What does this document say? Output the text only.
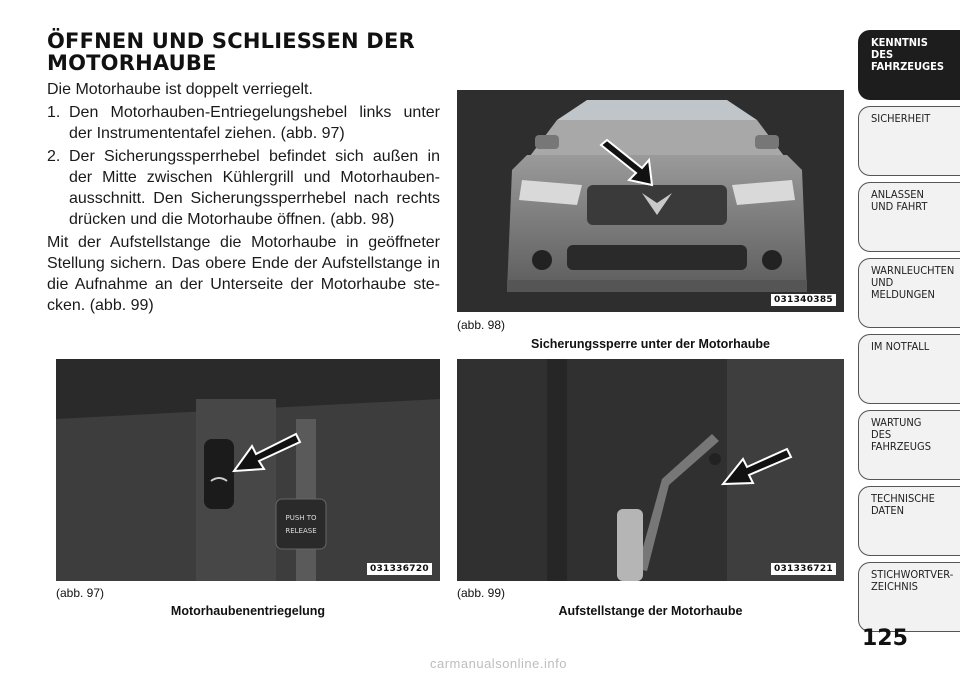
ÖFFNEN UND SCHLIESSEN DER MOTORHAUBE
Die Motorhaube ist doppelt verriegelt.
1. Den Motorhauben-Entriegelungshebel links unter der Instrumententafel ziehen. (abb. 97)
2. Der Sicherungssperrhebel befindet sich außen in der Mitte zwischen Kühlergrill und Motorhauben-ausschnitt. Den Sicherungssperrhebel nach rechts drücken und die Motorhaube öffnen. (abb. 98)
Mit der Aufstellstange die Motorhaube in geöffneter Stellung sichern. Das obere Ende der Aufstellstange in die Aufnahme an der Unterseite der Motorhaube ste-cken. (abb. 99)	031340385
(abb. 98)
Sicherungssperre unter der Motorhaube
PUSH TO
RELEASE
031336720
(abb. 97)
Motorhaubenentriegelung
031336721
(abb. 99)
Aufstellstange der Motorhaube
KENNTNIS
DES
FAHRZEUGES
SICHERHEIT
ANLASSEN
UND FAHRT
WARNLEUCHTEN
UND
MELDUNGEN
IM NOTFALL
WARTUNG
DES
FAHRZEUGS
TECHNISCHE
DATEN
STICHWORTVER-
ZEICHNIS
125
carmanualsonline.info
